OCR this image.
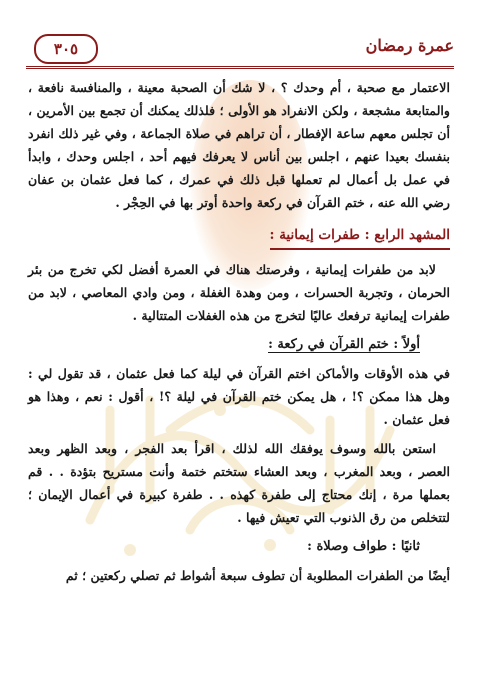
عمرة رمضان
٣٠٥

الاعتمار مع صحبة ، أم وحدك ؟ ، لا شك أن الصحبة معينة ، والمنافسة نافعة ، والمتابعة مشجعة ، ولكن الانفراد هو الأولى ؛ فلذلك يمكنك أن تجمع بين الأمرين ، أن تجلس معهم ساعة الإفطار ، أن تراهم في صلاة الجماعة ، وفي غير ذلك انفرد بنفسك بعيدا عنهم ، اجلس بين أناس لا يعرفك فيهم أحد ، اجلس وحدك ، وابدأ في عمل بل أعمال لم تعملها قبل ذلك في عمرك ، كما فعل عثمان بن عفان رضي الله عنه ، ختم القرآن في ركعة واحدة أوتر بها في الحِجْر .

المشهد الرابع : طفرات إيمانية :

لابد من طفرات إيمانية ، وفرصتك هناك في العمرة أفضل لكي تخرج من بئر الحرمان ، وتجربة الحسرات ، ومن وهدة الغفلة ، ومن وادي المعاصي ، لابد من طفرات إيمانية ترفعك عاليًا لتخرج من هذه الغفلات المتتالية .

أولاً : ختم القرآن في ركعة :

في هذه الأوقات والأماكن اختم القرآن في ليلة كما فعل عثمان ، قد تقول لي : وهل هذا ممكن ؟! ، هل يمكن ختم القرآن في ليلة ؟! ، أقول : نعم ، وهذا هو فعل عثمان .

استعن بالله وسوف يوفقك الله لذلك ، اقرأ بعد الفجر ، وبعد الظهر وبعد العصر ، وبعد المغرب ، وبعد العشاء ستختم ختمة وأنت مستريح بتؤدة . . قم بعملها مرة ، إنك محتاج إلى طفرة كهذه . . طفرة كبيرة في أعمال الإيمان ؛ لتتخلص من رق الذنوب التي تعيش فيها .

ثانيًا : طواف وصلاة :

أيضًا من الطفرات المطلوبة أن تطوف سبعة أشواط ثم تصلي ركعتين ؛ ثم
